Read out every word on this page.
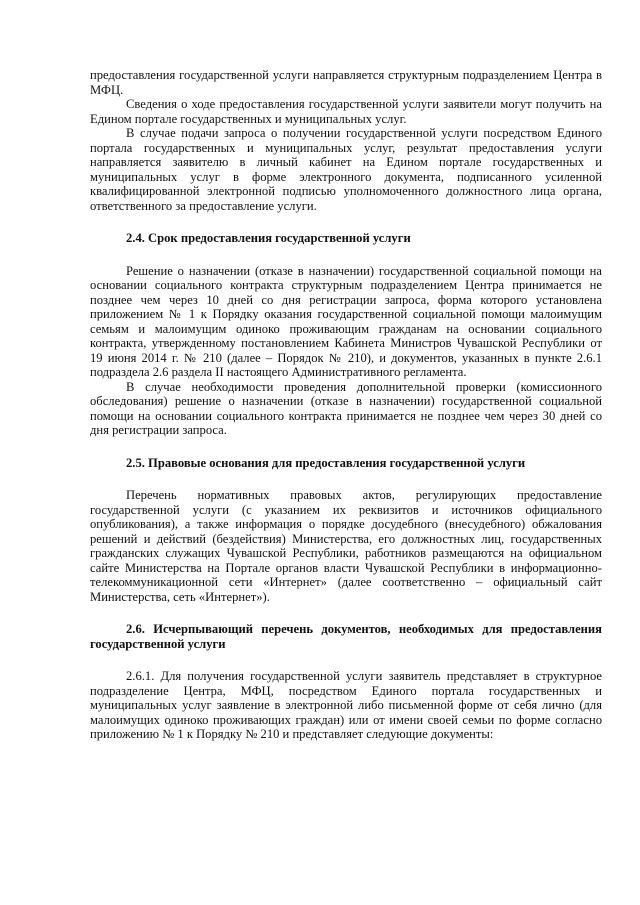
предоставления государственной услуги направляется структурным подразделением Центра в МФЦ.

Сведения о ходе предоставления государственной услуги заявители могут получить на Едином портале государственных и муниципальных услуг.

В случае подачи запроса о получении государственной услуги посредством Единого портала государственных и муниципальных услуг, результат предоставления услуги направляется заявителю в личный кабинет на Едином портале государственных и муниципальных услуг в форме электронного документа, подписанного усиленной квалифицированной электронной подписью уполномоченного должностного лица органа, ответственного за предоставление услуги.

2.4. Срок предоставления государственной услуги

Решение о назначении (отказе в назначении) государственной социальной помощи на основании социального контракта структурным подразделением Центра принимается не позднее чем через 10 дней со дня регистрации запроса, форма которого установлена приложением № 1 к Порядку оказания государственной социальной помощи малоимущим семьям и малоимущим одиноко проживающим гражданам на основании социального контракта, утвержденному постановлением Кабинета Министров Чувашской Республики от 19 июня 2014 г. № 210 (далее – Порядок № 210), и документов, указанных в пункте 2.6.1 подраздела 2.6 раздела II настоящего Административного регламента.

В случае необходимости проведения дополнительной проверки (комиссионного обследования) решение о назначении (отказе в назначении) государственной социальной помощи на основании социального контракта принимается не позднее чем через 30 дней со дня регистрации запроса.

2.5. Правовые основания для предоставления государственной услуги

Перечень нормативных правовых актов, регулирующих предоставление государственной услуги (с указанием их реквизитов и источников официального опубликования), а также информация о порядке досудебного (внесудебного) обжалования решений и действий (бездействия) Министерства, его должностных лиц, государственных гражданских служащих Чувашской Республики, работников размещаются на официальном сайте Министерства на Портале органов власти Чувашской Республики в информационно-телекоммуникационной сети «Интернет» (далее соответственно – официальный сайт Министерства, сеть «Интернет»).

2.6. Исчерпывающий перечень документов, необходимых для предоставления государственной услуги

2.6.1. Для получения государственной услуги заявитель представляет в структурное подразделение Центра, МФЦ, посредством Единого портала государственных и муниципальных услуг заявление в электронной либо письменной форме от себя лично (для малоимущих одиноко проживающих граждан) или от имени своей семьи по форме согласно приложению № 1 к Порядку № 210 и представляет следующие документы:
